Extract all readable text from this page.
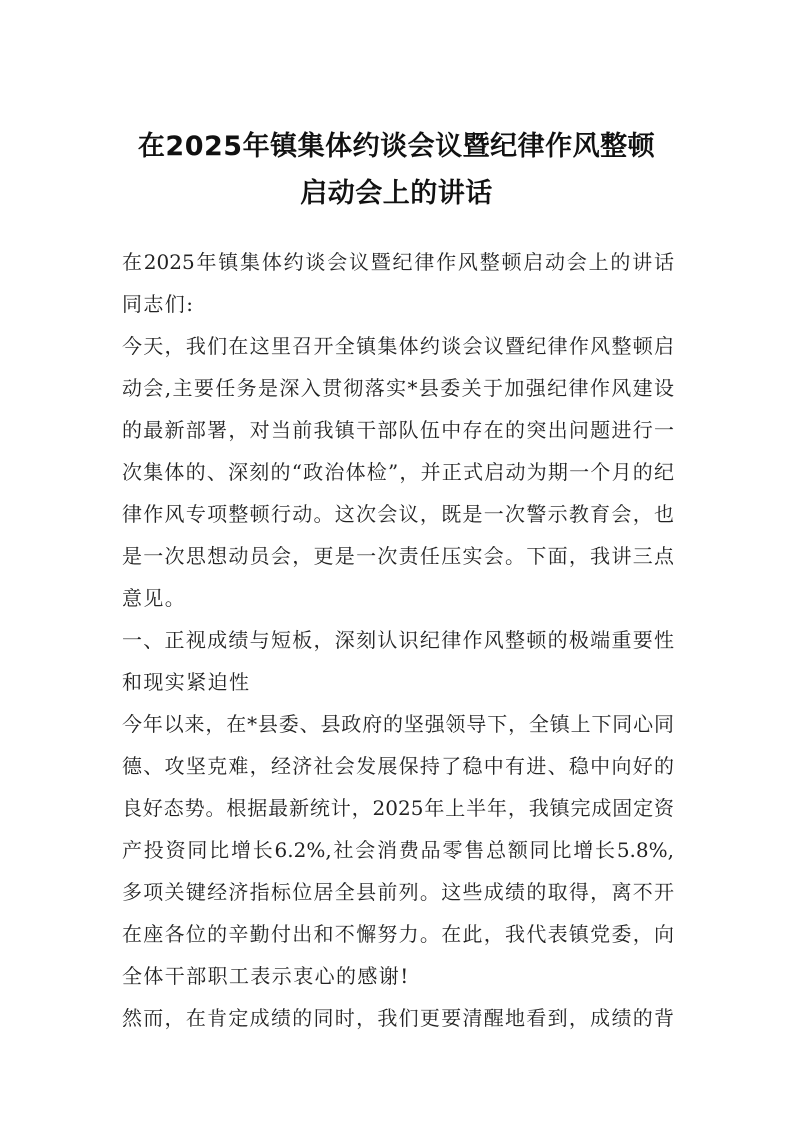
在2025年镇集体约谈会议暨纪律作风整顿
启动会上的讲话
在2025年镇集体约谈会议暨纪律作风整顿启动会上的讲话
同志们:
今天，我们在这里召开全镇集体约谈会议暨纪律作风整顿启
动会,主要任务是深入贯彻落实*县委关于加强纪律作风建设
的最新部署，对当前我镇干部队伍中存在的突出问题进行一
次集体的、深刻的“政治体检”，并正式启动为期一个月的纪
律作风专项整顿行动。这次会议，既是一次警示教育会，也
是一次思想动员会，更是一次责任压实会。下面，我讲三点
意见。
一、正视成绩与短板，深刻认识纪律作风整顿的极端重要性
和现实紧迫性
今年以来，在*县委、县政府的坚强领导下，全镇上下同心同
德、攻坚克难，经济社会发展保持了稳中有进、稳中向好的
良好态势。根据最新统计，2025年上半年，我镇完成固定资
产投资同比增长6.2%,社会消费品零售总额同比增长5.8%,
多项关键经济指标位居全县前列。这些成绩的取得，离不开
在座各位的辛勤付出和不懈努力。在此，我代表镇党委，向
全体干部职工表示衷心的感谢!
然而，在肯定成绩的同时，我们更要清醒地看到，成绩的背
